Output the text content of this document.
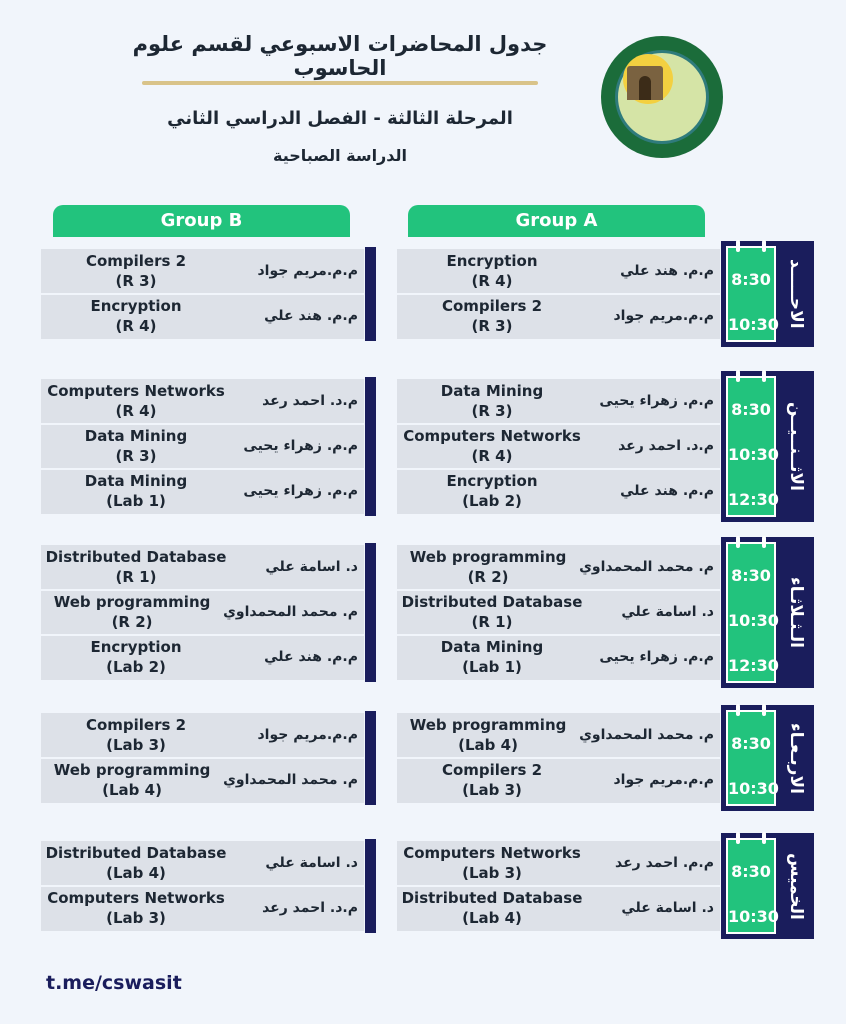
جدول المحاضرات الاسبوعي لقسم علوم الحاسوب
المرحلة الثالثة - الفصل الدراسي الثاني
الدراسة الصباحية
Group A
Group B
8:30
10:30 الاحـــــد
Encryption
(R 4)
م.م. هند علي
Compilers 2
(R 3)
م.م.مريم جواد
Compilers 2
(R 3)
م.م.مريم جواد
Encryption
(R 4)
م.م. هند علي
8:30
10:30
12:30
الاثــنــيــن
Data Mining
(R 3)
م.م. زهراء يحيى
Computers Networks
(R 4)
م.د. احمد رعد
Encryption
(Lab 2)
م.م. هند علي
Computers Networks
(R 4)
م.د. احمد رعد
Data Mining
(R 3)
م.م. زهراء يحيى
Data Mining
(Lab 1)
م.م. زهراء يحيى
8:30
10:30
12:30
الـثـلاثـاء
Web programming
(R 2)
م. محمد المحمداوي
Distributed Database
(R 1)
د. اسامة علي
Data Mining
(Lab 1)
م.م. زهراء يحيى
Distributed Database
(R 1)
د. اسامة علي
Web programming
(R 2)
م. محمد المحمداوي
Encryption
(Lab 2)
م.م. هند علي
8:30
10:30 الاربـعـاء
Web programming
(Lab 4)
م. محمد المحمداوي
Compilers 2
(Lab 3)
م.م.مريم جواد
Compilers 2
(Lab 3)
م.م.مريم جواد
Web programming
(Lab 4)
م. محمد المحمداوي
8:30
10:30 الخميس
Computers Networks
(Lab 3)
م.م. احمد رعد
Distributed Database
(Lab 4)
د. اسامة علي
Distributed Database
(Lab 4)
د. اسامة علي
Computers Networks
(Lab 3)
م.د. احمد رعد
t.me/cswasit
